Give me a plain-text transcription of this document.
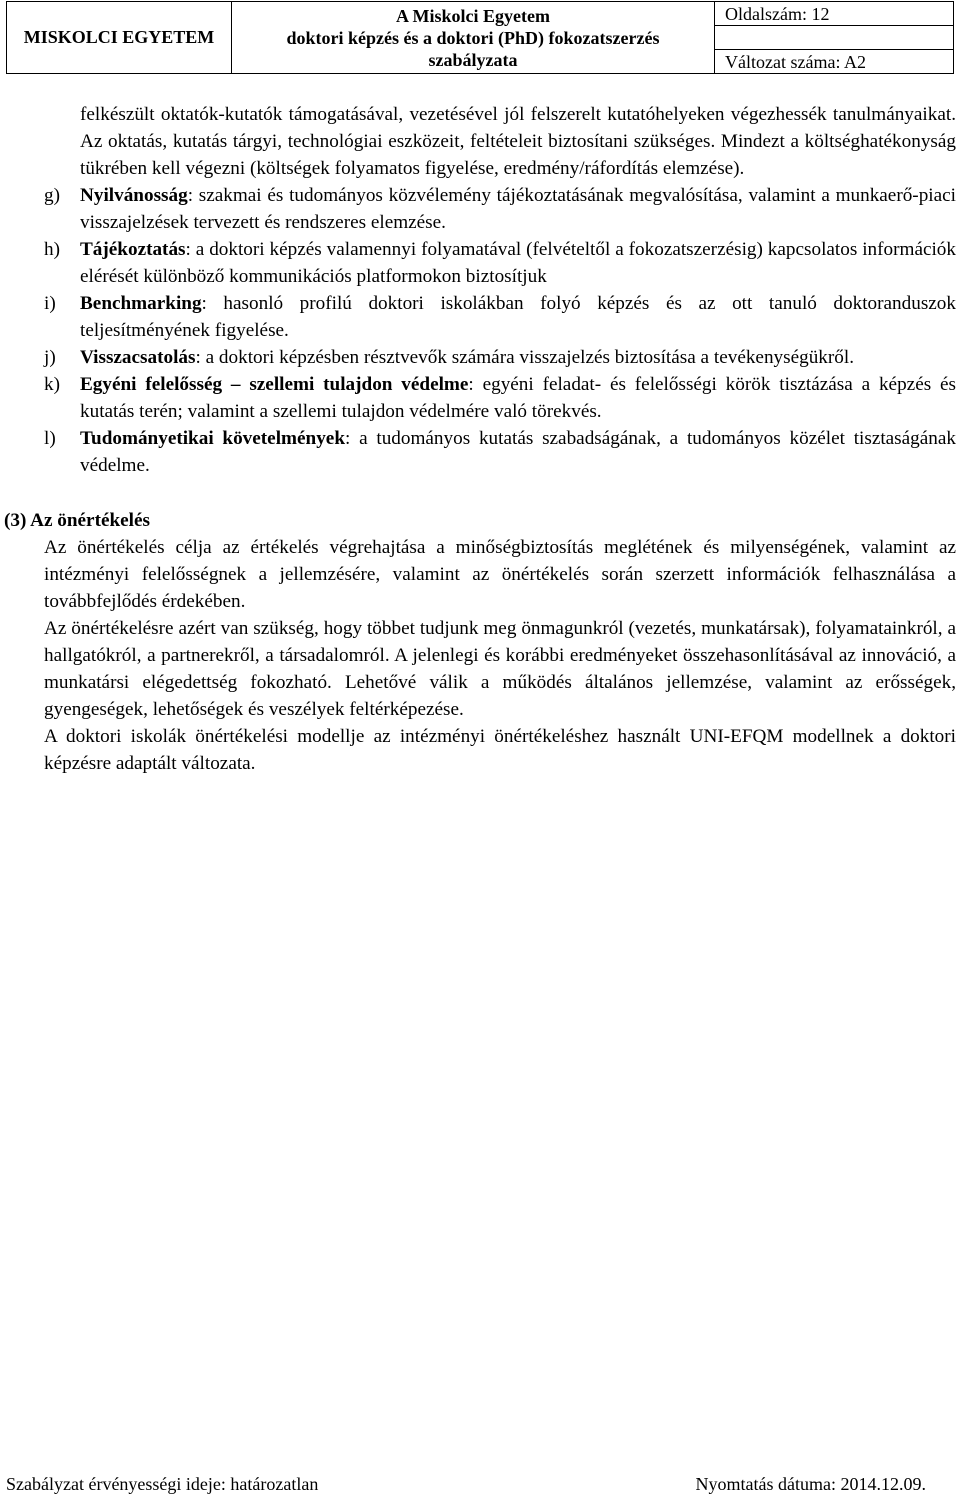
MISKOLCI EGYETEM	
A Miskolci Egyetem
doktori képzés és a doktori (PhD) fokozatszerzés
szabályzata
	Oldalszám: 12

Változat száma: A2

felkészült oktatók-kutatók támogatásával, vezetésével jól felszerelt kutatóhelyeken végezhessék tanulmányaikat. Az oktatás, kutatás tárgyi, technológiai eszközeit, feltételeit biztosítani szükséges. Mindezt a költséghatékonyság tükrében kell végezni (költségek folyamatos figyelése, eredmény/ráfordítás elemzése).

g) Nyilvánosság: szakmai és tudományos közvélemény tájékoztatásának megvalósítása, valamint a munkaerő-piaci visszajelzések tervezett és rendszeres elemzése.
h) Tájékoztatás: a doktori képzés valamennyi folyamatával (felvételtől a fokozatszerzésig) kapcsolatos információk elérését különböző kommunikációs platformokon biztosítjuk
i) Benchmarking: hasonló profilú doktori iskolákban folyó képzés és az ott tanuló doktoranduszok teljesítményének figyelése.
j) Visszacsatolás: a doktori képzésben résztvevők számára visszajelzés biztosítása a tevékenységükről.
k) Egyéni felelősség – szellemi tulajdon védelme: egyéni feladat- és felelősségi körök tisztázása a képzés és kutatás terén; valamint a szellemi tulajdon védelmére való törekvés.
l) Tudományetikai követelmények: a tudományos kutatás szabadságának, a tudományos közélet tisztaságának védelme.
(3) Az önértékelés

Az önértékelés célja az értékelés végrehajtása a minőségbiztosítás meglétének és milyenségének, valamint az intézményi felelősségnek a jellemzésére, valamint az önértékelés során szerzett információk felhasználása a továbbfejlődés érdekében.

Az önértékelésre azért van szükség, hogy többet tudjunk meg önmagunkról (vezetés, munkatársak), folyamatainkról, a hallgatókról, a partnerekről, a társadalomról. A jelenlegi és korábbi eredményeket összehasonlításával az innováció, a munkatársi elégedettség fokozható. Lehetővé válik a működés általános jellemzése, valamint az erősségek, gyengeségek, lehetőségek és veszélyek feltérképezése.

A doktori iskolák önértékelési modellje az intézményi önértékeléshez használt UNI-EFQM modellnek a doktori képzésre adaptált változata.

Szabályzat érvényességi ideje: határozatlan	Nyomtatás dátuma: 2014.12.09.
